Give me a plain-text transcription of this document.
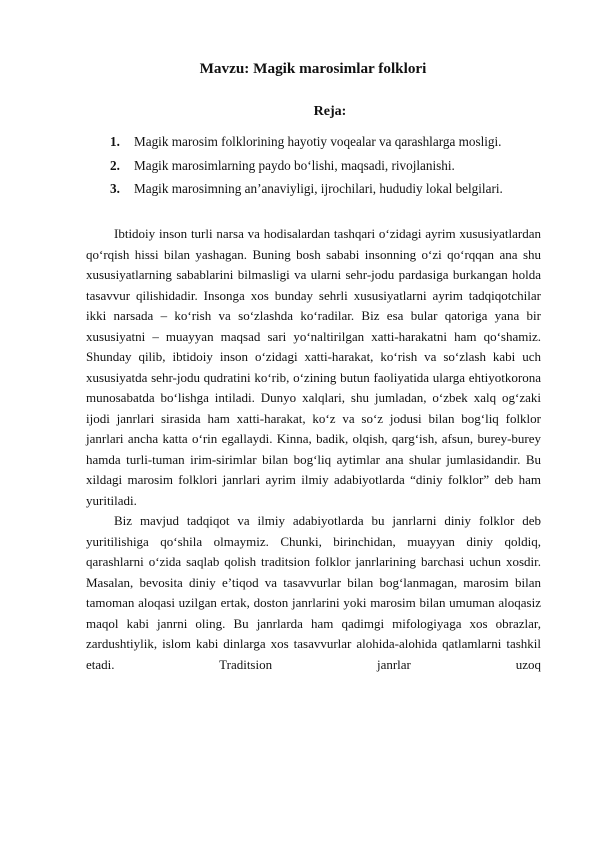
Mavzu: Magik marosimlar folklori
Reja:
1. Magik marosim folklorining hayotiy voqealar va qarashlarga mosligi.
2. Magik marosimlarning paydo bo‘lishi, maqsadi, rivojlanishi.
3. Magik marosimning an’anaviyligi, ijrochilari, hududiy lokal belgilari.

Ibtidoiy inson turli narsa va hodisalardan tashqari o‘zidagi ayrim xususiyatlardan qo‘rqish hissi bilan yashagan. Buning bosh sababi insonning o‘zi qo‘rqqan ana shu xususiyatlarning sabablarini bilmasligi va ularni sehr-jodu pardasiga burkangan holda tasavvur qilishidadir. Insonga xos bunday sehrli xususiyatlarni ayrim tadqiqotchilar ikki narsada – ko‘rish va so‘zlashda ko‘radilar. Biz esa bular qatoriga yana bir xususiyatni – muayyan maqsad sari yo‘naltirilgan xatti-harakatni ham qo‘shamiz. Shunday qilib, ibtidoiy inson o‘zidagi xatti-harakat, ko‘rish va so‘zlash kabi uch xususiyatda sehr-jodu qudratini ko‘rib, o‘zining butun faoliyatida ularga ehtiyotkorona munosabatda bo‘lishga intiladi. Dunyo xalqlari, shu jumladan, o‘zbek xalq og‘zaki ijodi janrlari sirasida ham xatti-harakat, ko‘z va so‘z jodusi bilan bog‘liq folklor janrlari ancha katta o‘rin egallaydi. Kinna, badik, olqish, qarg‘ish, afsun, burey-burey hamda turli-tuman irim-sirimlar bilan bog‘liq aytimlar ana shular jumlasidandir. Bu xildagi marosim folklori janrlari ayrim ilmiy adabiyotlarda “diniy folklor” deb ham yuritiladi.

Biz mavjud tadqiqot va ilmiy adabiyotlarda bu janrlarni diniy folklor deb yuritilishiga qo‘shila olmaymiz. Chunki, birinchidan, muayyan diniy qoldiq, qarashlarni o‘zida saqlab qolish traditsion folklor janrlarining barchasi uchun xosdir. Masalan, bevosita diniy e’tiqod va tasavvurlar bilan bog‘lanmagan, marosim bilan tamoman aloqasi uzilgan ertak, doston janrlarini yoki marosim bilan umuman aloqasiz maqol kabi janrni oling. Bu janrlarda ham qadimgi mifologiyaga xos obrazlar, zardushtiylik, islom kabi dinlarga xos tasavvurlar alohida-alohida qatlamlarni tashkil etadi. Traditsion janrlar uzoq
